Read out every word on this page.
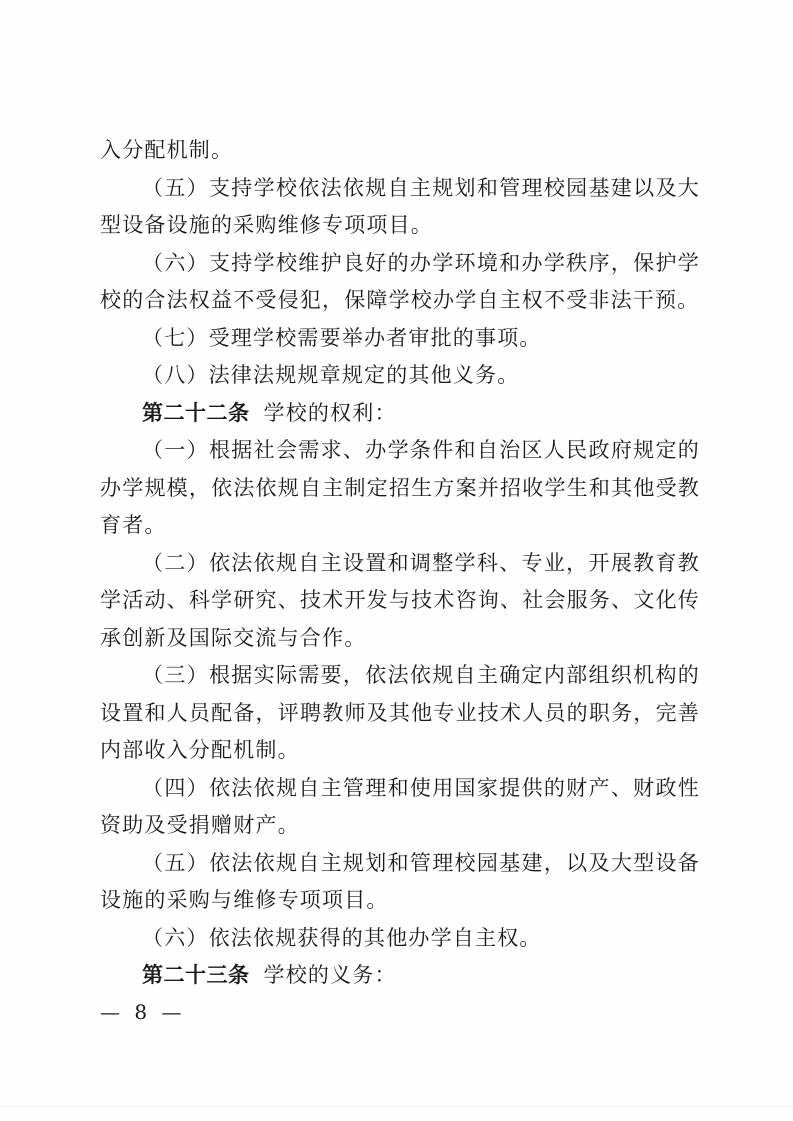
入分配机制。

（五）支持学校依法依规自主规划和管理校园基建以及大型设备设施的采购维修专项项目。

（六）支持学校维护良好的办学环境和办学秩序，保护学校的合法权益不受侵犯，保障学校办学自主权不受非法干预。

（七）受理学校需要举办者审批的事项。

（八）法律法规规章规定的其他义务。

第二十二条 学校的权利：

（一）根据社会需求、办学条件和自治区人民政府规定的办学规模，依法依规自主制定招生方案并招收学生和其他受教育者。

（二）依法依规自主设置和调整学科、专业，开展教育教学活动、科学研究、技术开发与技术咨询、社会服务、文化传承创新及国际交流与合作。

（三）根据实际需要，依法依规自主确定内部组织机构的设置和人员配备，评聘教师及其他专业技术人员的职务，完善内部收入分配机制。

（四）依法依规自主管理和使用国家提供的财产、财政性资助及受捐赠财产。

（五）依法依规自主规划和管理校园基建，以及大型设备设施的采购与维修专项项目。

（六）依法依规获得的其他办学自主权。

第二十三条 学校的义务：

— 8 —
